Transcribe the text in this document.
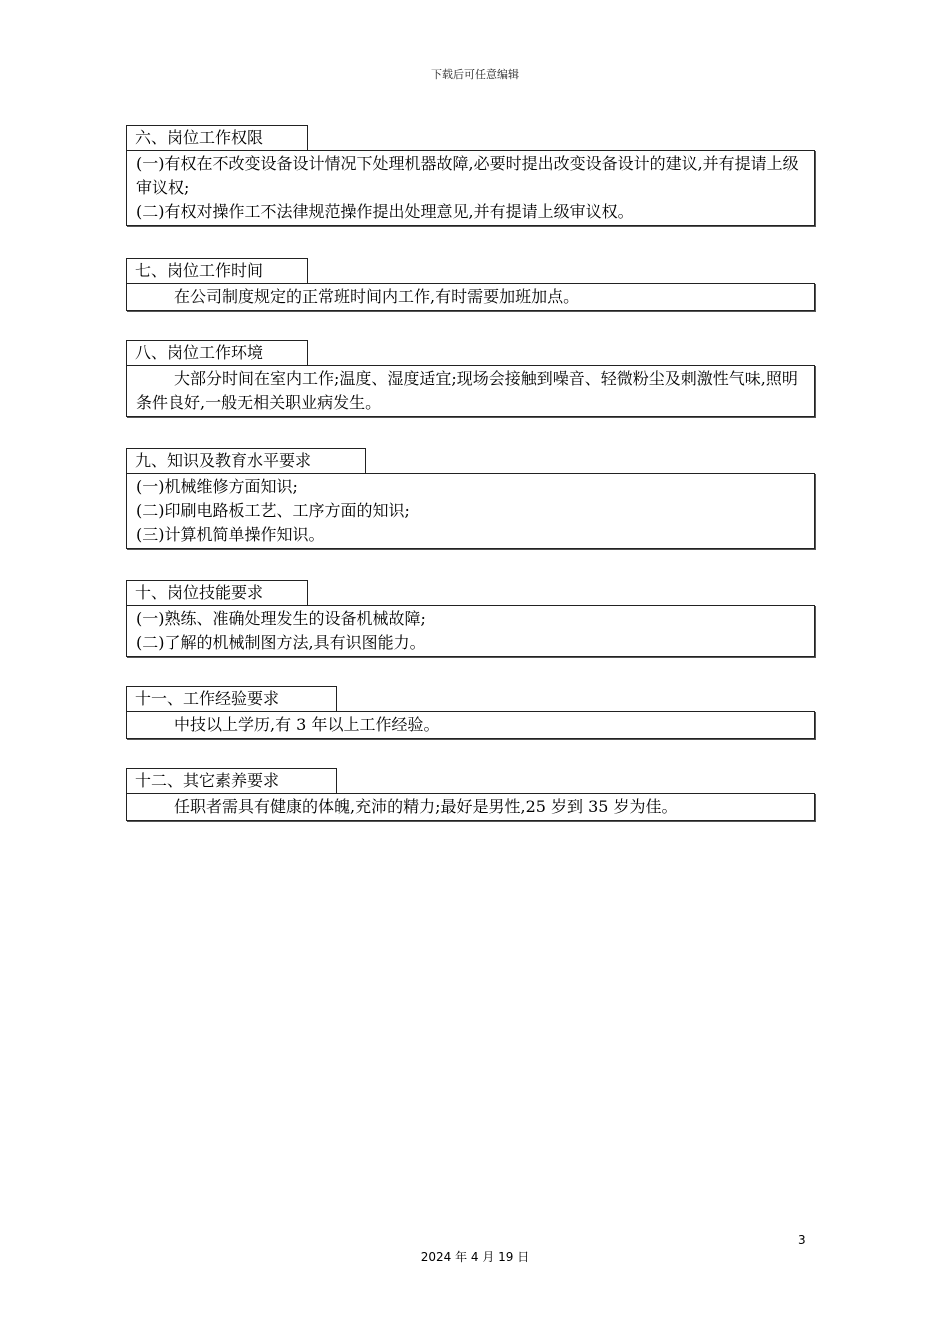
下载后可任意编辑
六、岗位工作权限

(一)有权在不改变设备设计情况下处理机器故障,必要时提出改变设备设计的建议,并有提请上级审议权;

(二)有权对操作工不法律规范操作提出处理意见,并有提请上级审议权。

七、岗位工作时间

在公司制度规定的正常班时间内工作,有时需要加班加点。

八、岗位工作环境

大部分时间在室内工作;温度、湿度适宜;现场会接触到噪音、轻微粉尘及刺激性气味,照明条件良好,一般无相关职业病发生。

九、知识及教育水平要求

(一)机械维修方面知识;

(二)印刷电路板工艺、工序方面的知识;

(三)计算机简单操作知识。

十、岗位技能要求

(一)熟练、准确处理发生的设备机械故障;

(二)了解的机械制图方法,具有识图能力。

十一、工作经验要求

中技以上学历,有 3 年以上工作经验。

十二、其它素养要求

任职者需具有健康的体魄,充沛的精力;最好是男性,25 岁到 35 岁为佳。

3
2024 年 4 月 19 日
